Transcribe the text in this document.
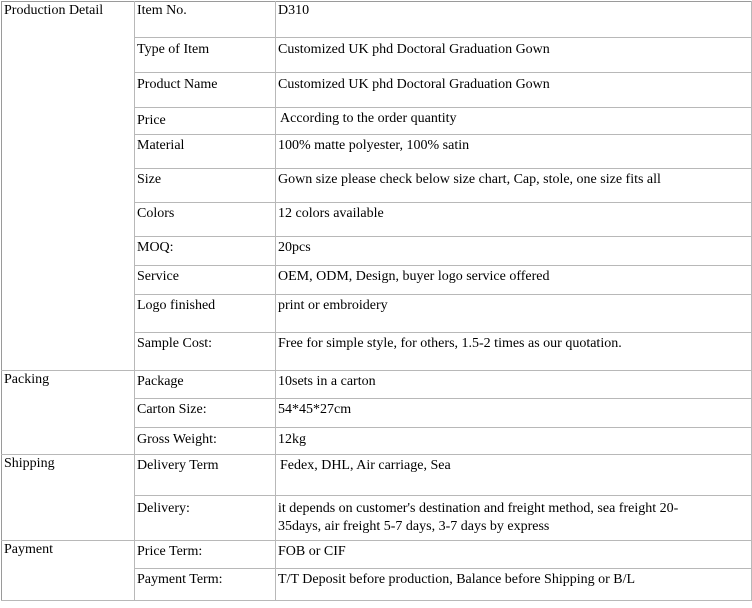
Production Detail	Item No.	D310
	Type of Item	Customized UK phd Doctoral Graduation Gown
	Product Name	Customized UK phd Doctoral Graduation Gown
	Price	According to the order quantity
	Material	100% matte polyester, 100% satin
	Size	Gown size please check below size chart, Cap, stole, one size fits all
	Colors	12 colors available
	MOQ:	20pcs
	Service	OEM, ODM, Design, buyer logo service offered
	Logo finished	print or embroidery
	Sample Cost:	Free for simple style, for others, 1.5-2 times as our quotation.
Packing	Package	10sets in a carton
	Carton Size:	54*45*27cm
	Gross Weight:	12kg
Shipping	Delivery Term	Fedex, DHL, Air carriage, Sea
	Delivery:	it depends on customer's destination and freight method, sea freight 20-35days, air freight 5-7 days, 3-7 days by express
Payment	Price Term:	FOB or CIF
	Payment Term:	T/T Deposit before production, Balance before Shipping or B/L
